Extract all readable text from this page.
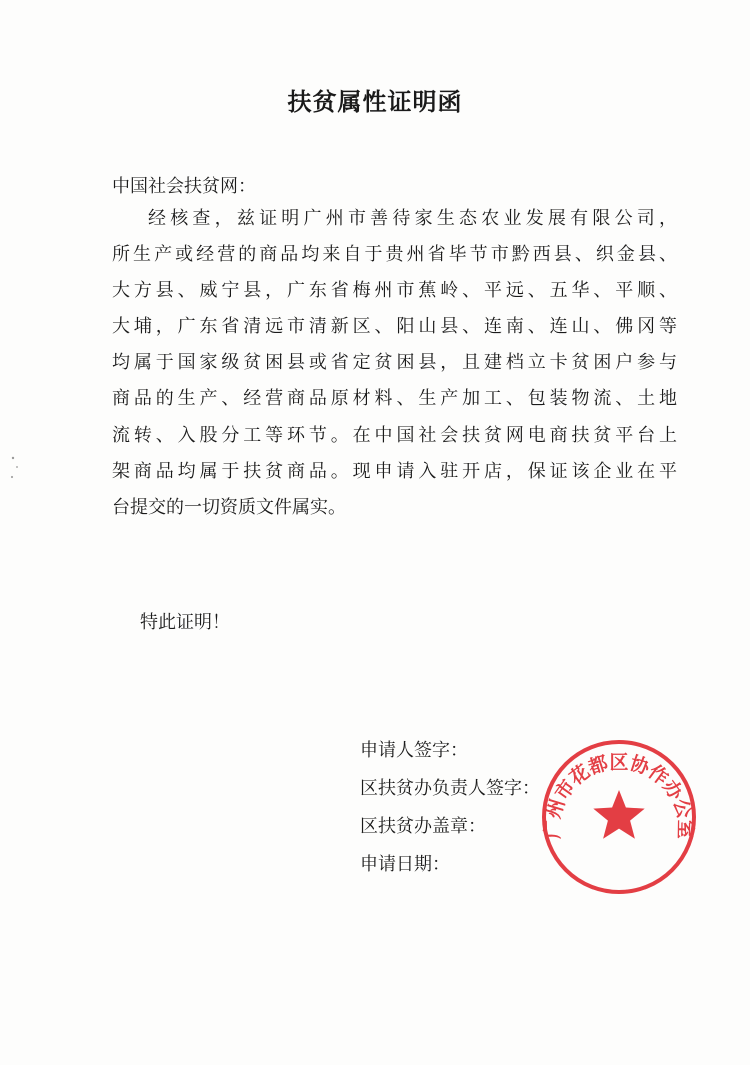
扶贫属性证明函
中国社会扶贫网：
经核查，兹证明广州市善待家生态农业发展有限公司，
所生产或经营的商品均来自于贵州省毕节市黔西县、织金县、
大方县、威宁县，广东省梅州市蕉岭、平远、五华、平顺、
大埔，广东省清远市清新区、阳山县、连南、连山、佛冈等
均属于国家级贫困县或省定贫困县，且建档立卡贫困户参与
商品的生产、经营商品原材料、生产加工、包装物流、土地
流转、入股分工等环节。在中国社会扶贫网电商扶贫平台上
架商品均属于扶贫商品。现申请入驻开店，保证该企业在平
台提交的一切资质文件属实。
特此证明！
申请人签字：
区扶贫办负责人签字：
区扶贫办盖章：
申请日期：
广州市花都区协作办公室
